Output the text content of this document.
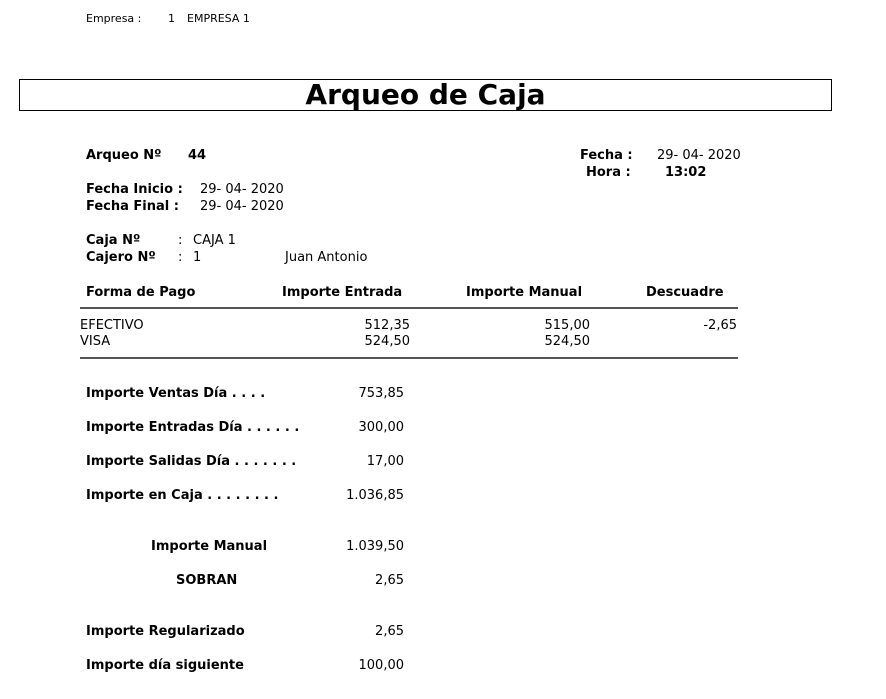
Empresa : 1 EMPRESA 1
Arqueo de Caja
Arqueo Nº 44	Fecha : 29- 04- 2020
Hora :	13:02
Fecha Inicio : 29- 04- 2020
Fecha Final : 29- 04- 2020
Caja Nº	: CAJA 1
Cajero Nº : 1	Juan Antonio
Forma de Pago	Importe Entrada	Importe Manual	Descuadre
EFECTIVO	512,35	515,00	-2,65
VISA	524,50	524,50
Importe Ventas Día . . . .	753,85
Importe Entradas Día . . . . . .	300,00
Importe Salidas Día . . . . . . .	17,00
Importe en Caja . . . . . . . .	1.036,85
Importe Manual	1.039,50
SOBRAN	2,65
Importe Regularizado	2,65
Importe día siguiente	100,00
